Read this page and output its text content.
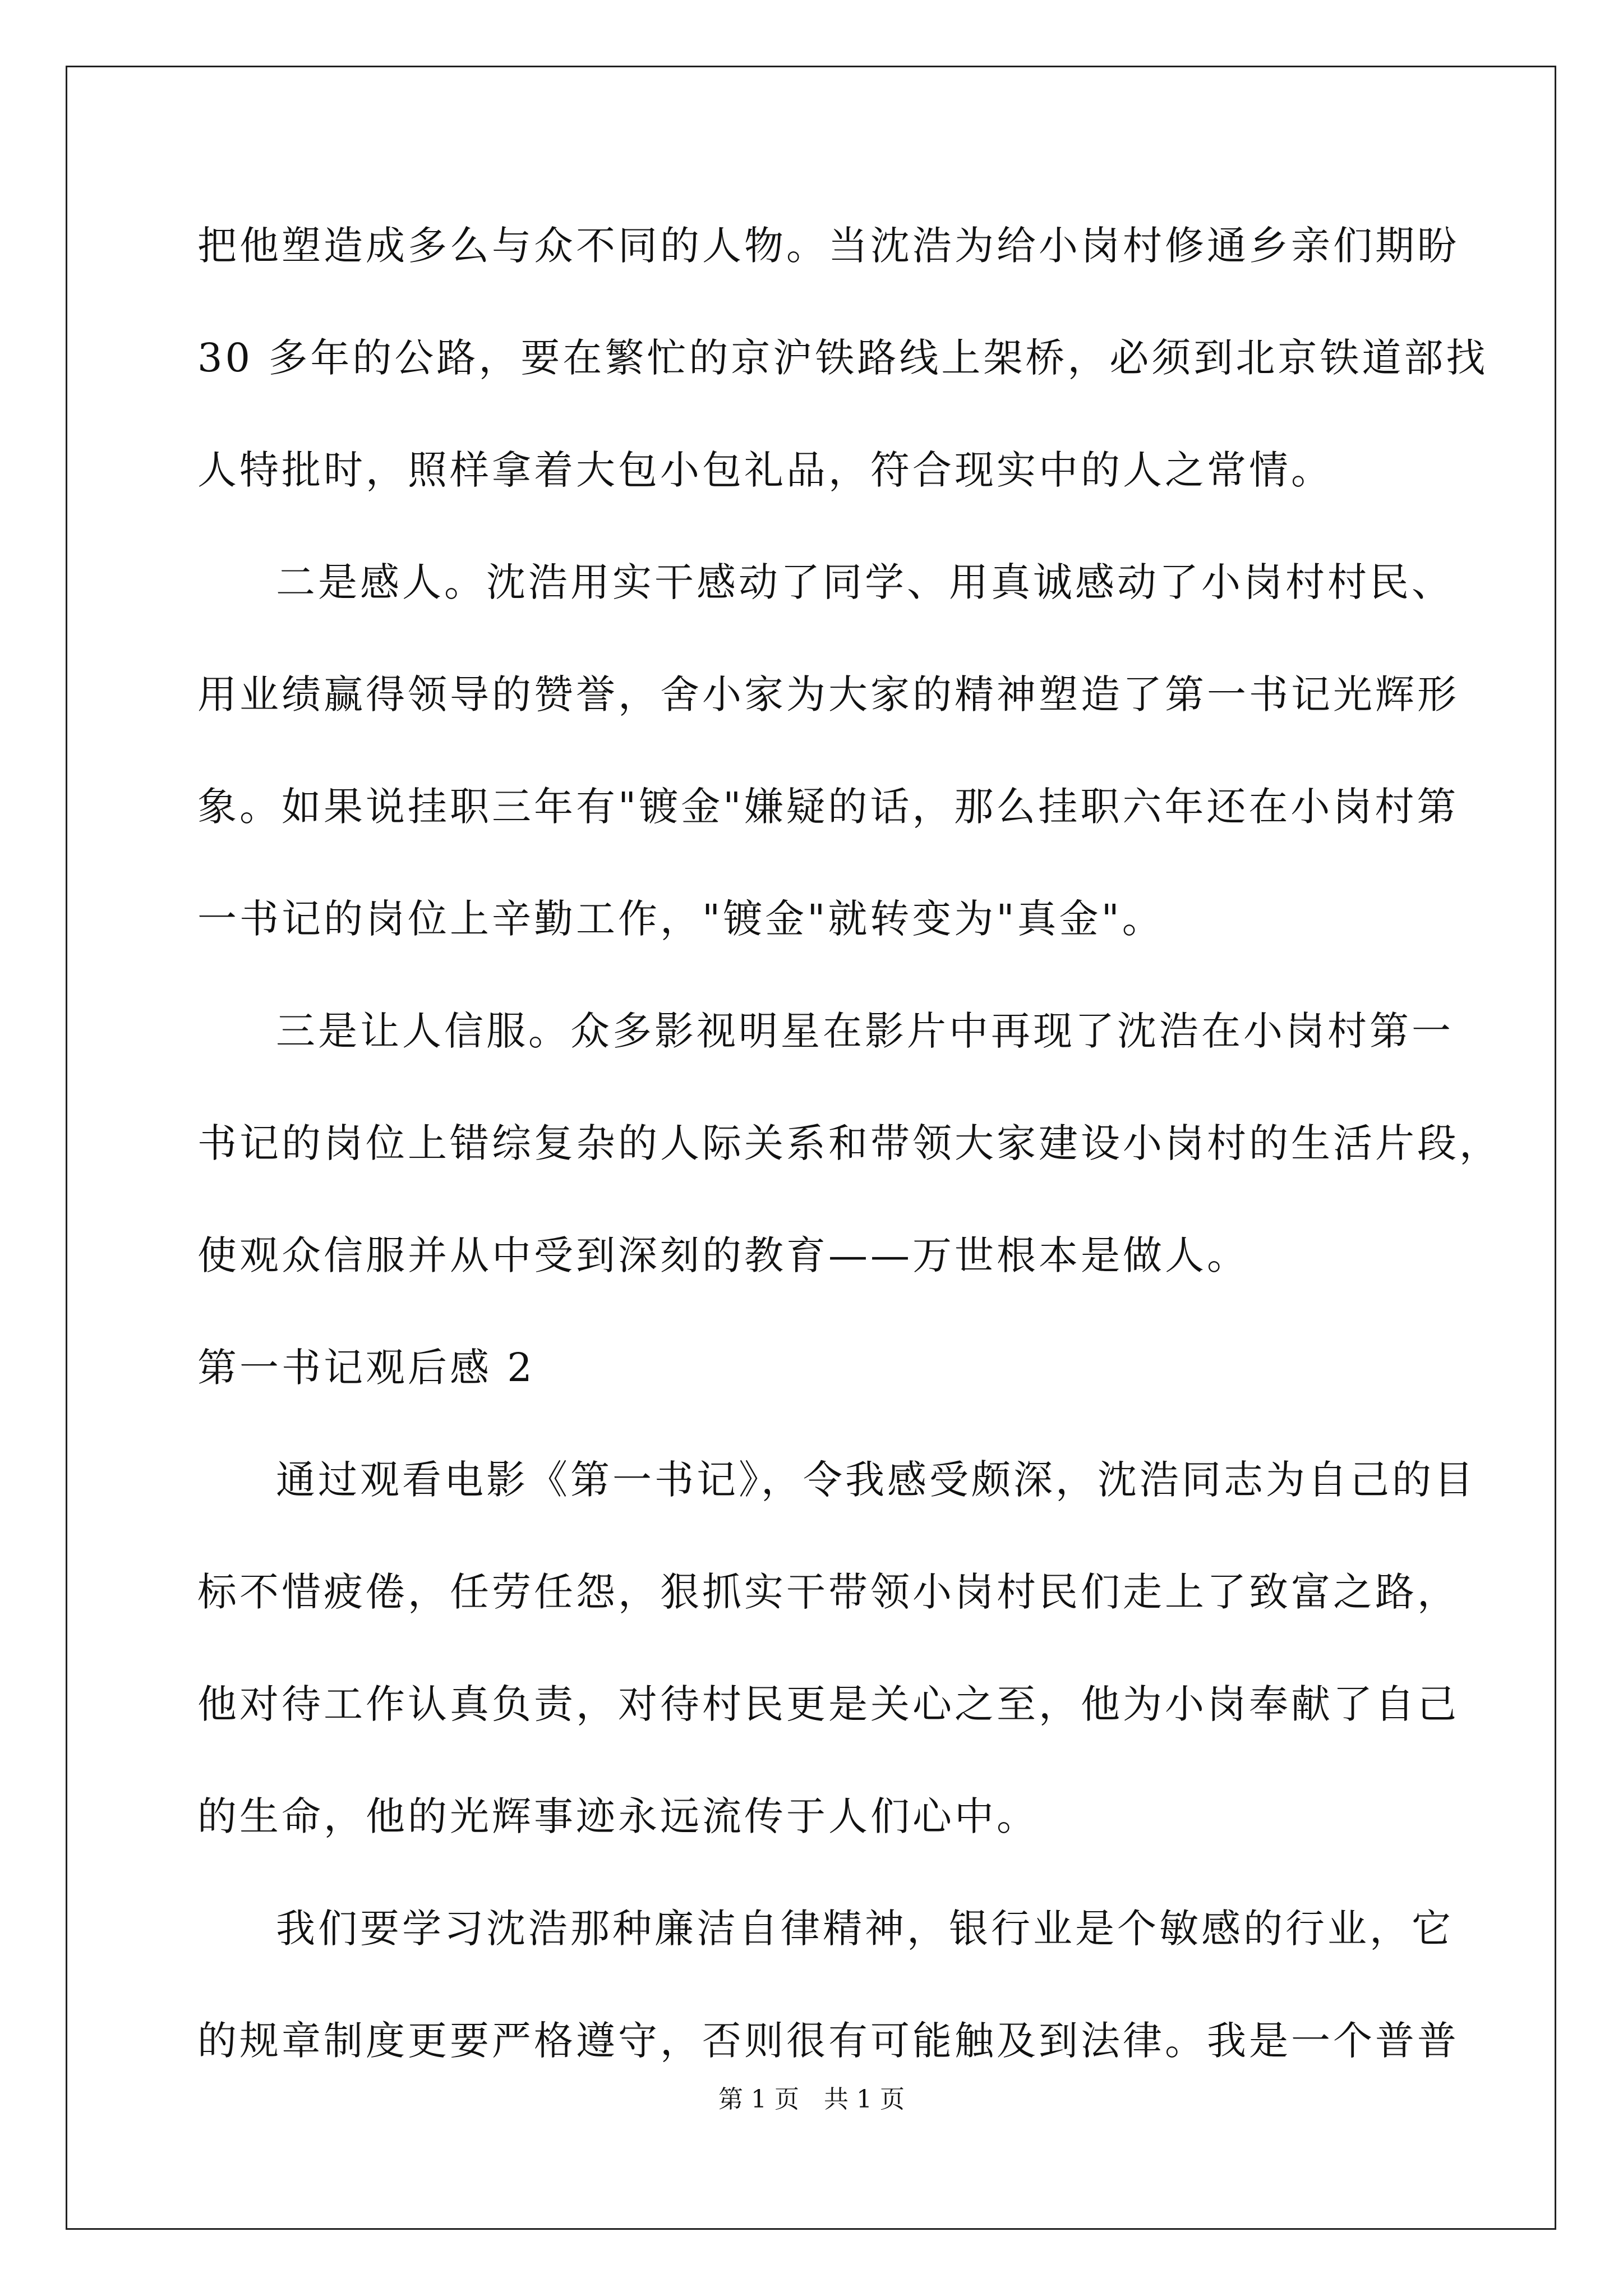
把他塑造成多么与众不同的人物。当沈浩为给小岗村修通乡亲们期盼
30 多年的公路，要在繁忙的京沪铁路线上架桥，必须到北京铁道部找
人特批时，照样拿着大包小包礼品，符合现实中的人之常情。
二是感人。沈浩用实干感动了同学、用真诚感动了小岗村村民、
用业绩赢得领导的赞誉，舍小家为大家的精神塑造了第一书记光辉形
象。如果说挂职三年有"镀金"嫌疑的话，那么挂职六年还在小岗村第
一书记的岗位上辛勤工作，"镀金"就转变为"真金"。
三是让人信服。众多影视明星在影片中再现了沈浩在小岗村第一
书记的岗位上错综复杂的人际关系和带领大家建设小岗村的生活片段，
使观众信服并从中受到深刻的教育——万世根本是做人。
第一书记观后感 2
通过观看电影《第一书记》，令我感受颇深，沈浩同志为自己的目
标不惜疲倦，任劳任怨，狠抓实干带领小岗村民们走上了致富之路，
他对待工作认真负责，对待村民更是关心之至，他为小岗奉献了自己
的生命，他的光辉事迹永远流传于人们心中。
我们要学习沈浩那种廉洁自律精神，银行业是个敏感的行业，它
的规章制度更要严格遵守，否则很有可能触及到法律。我是一个普普
第 1 页　共 1 页
